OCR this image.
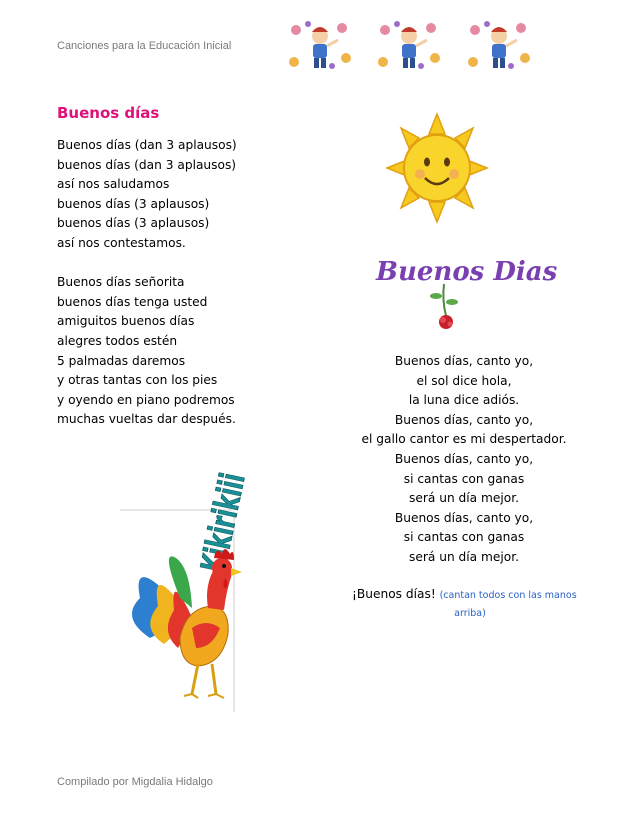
Canciones para la Educación Inicial
Buenos días
Buenos días (dan 3 aplausos)
buenos días (dan 3 aplausos)
así nos saludamos
buenos días (3 aplausos)
buenos días (3 aplausos)
así nos contestamos.
Buenos días señorita
buenos días tenga usted
amiguitos buenos días
alegres todos estén
5 palmadas daremos
y otras tantas con los pies
y oyendo en piano podremos
muchas vueltas dar después.
Buenos Dias
Buenos días, canto yo,
el sol dice hola,
la luna dice adiós.
Buenos días, canto yo,
el gallo cantor es mi despertador.
Buenos días, canto yo,
si cantas con ganas
será un día mejor.
Buenos días, canto yo,
si cantas con ganas
será un día mejor.
¡Buenos días! (cantan todos con las manos
arriba)
Kikirikiii
Compilado por Migdalia Hidalgo
